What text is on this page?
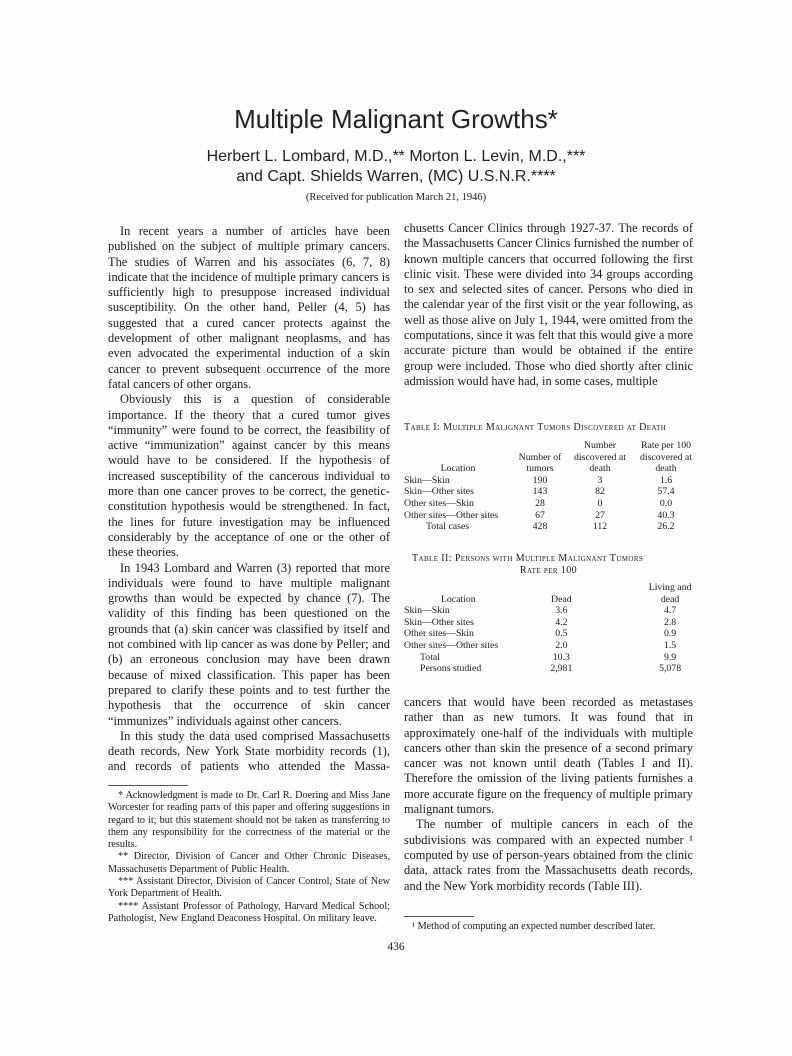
Multiple Malignant Growths*
Herbert L. Lombard, M.D.,** Morton L. Levin, M.D.,***
and Capt. Shields Warren, (MC) U.S.N.R.****
(Received for publication March 21, 1946)

In recent years a number of articles have been published on the subject of multiple primary cancers. The studies of Warren and his associates (6, 7, 8) indicate that the incidence of multiple primary cancers is sufficiently high to presuppose increased individual susceptibility. On the other hand, Peller (4, 5) has suggested that a cured cancer protects against the development of other malignant neoplasms, and has even advocated the experimental induction of a skin cancer to prevent subsequent occurrence of the more fatal cancers of other organs.

Obviously this is a question of considerable importance. If the theory that a cured tumor gives “immunity” were found to be correct, the feasibility of active “immunization” against cancer by this means would have to be considered. If the hypothesis of increased susceptibility of the cancerous individual to more than one cancer proves to be correct, the genetic-constitution hypothesis would be strengthened. In fact, the lines for future investigation may be influenced considerably by the acceptance of one or the other of these theories.

In 1943 Lombard and Warren (3) reported that more individuals were found to have multiple malignant growths than would be expected by chance (7). The validity of this finding has been questioned on the grounds that (a) skin cancer was classified by itself and not combined with lip cancer as was done by Peller; and (b) an erroneous conclusion may have been drawn because of mixed classification. This paper has been prepared to clarify these points and to test further the hypothesis that the occurrence of skin cancer “immunizes” individuals against other cancers.

In this study the data used comprised Massachusetts death records, New York State morbidity records (1), and records of patients who attended the Massa-

* Acknowledgment is made to Dr. Carl R. Doering and Miss Jane Worcester for reading parts of this paper and offering suggestions in regard to it; but this statement should not be taken as transferring to them any responsibility for the correctness of the material or the results.

** Director, Division of Cancer and Other Chronic Diseases, Massachusetts Department of Public Health.

*** Assistant Director, Division of Cancer Control, State of New York Department of Health.

**** Assistant Professor of Pathology, Harvard Medical School; Pathologist, New England Deaconess Hospital. On military leave.

chusetts Cancer Clinics through 1927-37. The records of the Massachusetts Cancer Clinics furnished the number of known multiple cancers that occurred following the first clinic visit. These were divided into 34 groups according to sex and selected sites of cancer. Persons who died in the calendar year of the first visit or the year following, as well as those alive on July 1, 1944, were omitted from the computations, since it was felt that this would give a more accurate picture than would be obtained if the entire group were included. Those who died shortly after clinic admission would have had, in some cases, multiple

Table I: Multiple Malignant Tumors Discovered at Death
Location	Number of tumors	Number discovered at death	Rate per 100 discovered at death
Skin—Skin	190	3	1.6
Skin—Other sites	143	82	57.4
Other sites—Skin	28	0	0.0
Other sites—Other sites	67	27	40.3
Total cases	428	112	26.2
Table II: Persons with Multiple Malignant Tumors
Rate per 100
Location	Dead	Living and dead
Skin—Skin	3.6	4.7
Skin—Other sites	4.2	2.8
Other sites—Skin	0.5	0.9
Other sites—Other sites	2.0	1.5
Total	10.3	9.9
Persons studied	2,981	5,078

cancers that would have been recorded as metastases rather than as new tumors. It was found that in approximately one-half of the individuals with multiple cancers other than skin the presence of a second primary cancer was not known until death (Tables I and II). Therefore the omission of the living patients furnishes a more accurate figure on the frequency of multiple primary malignant tumors.

The number of multiple cancers in each of the subdivisions was compared with an expected number ¹ computed by use of person-years obtained from the clinic data, attack rates from the Massachusetts death records, and the New York morbidity records (Table III).

¹ Method of computing an expected number described later.
436
